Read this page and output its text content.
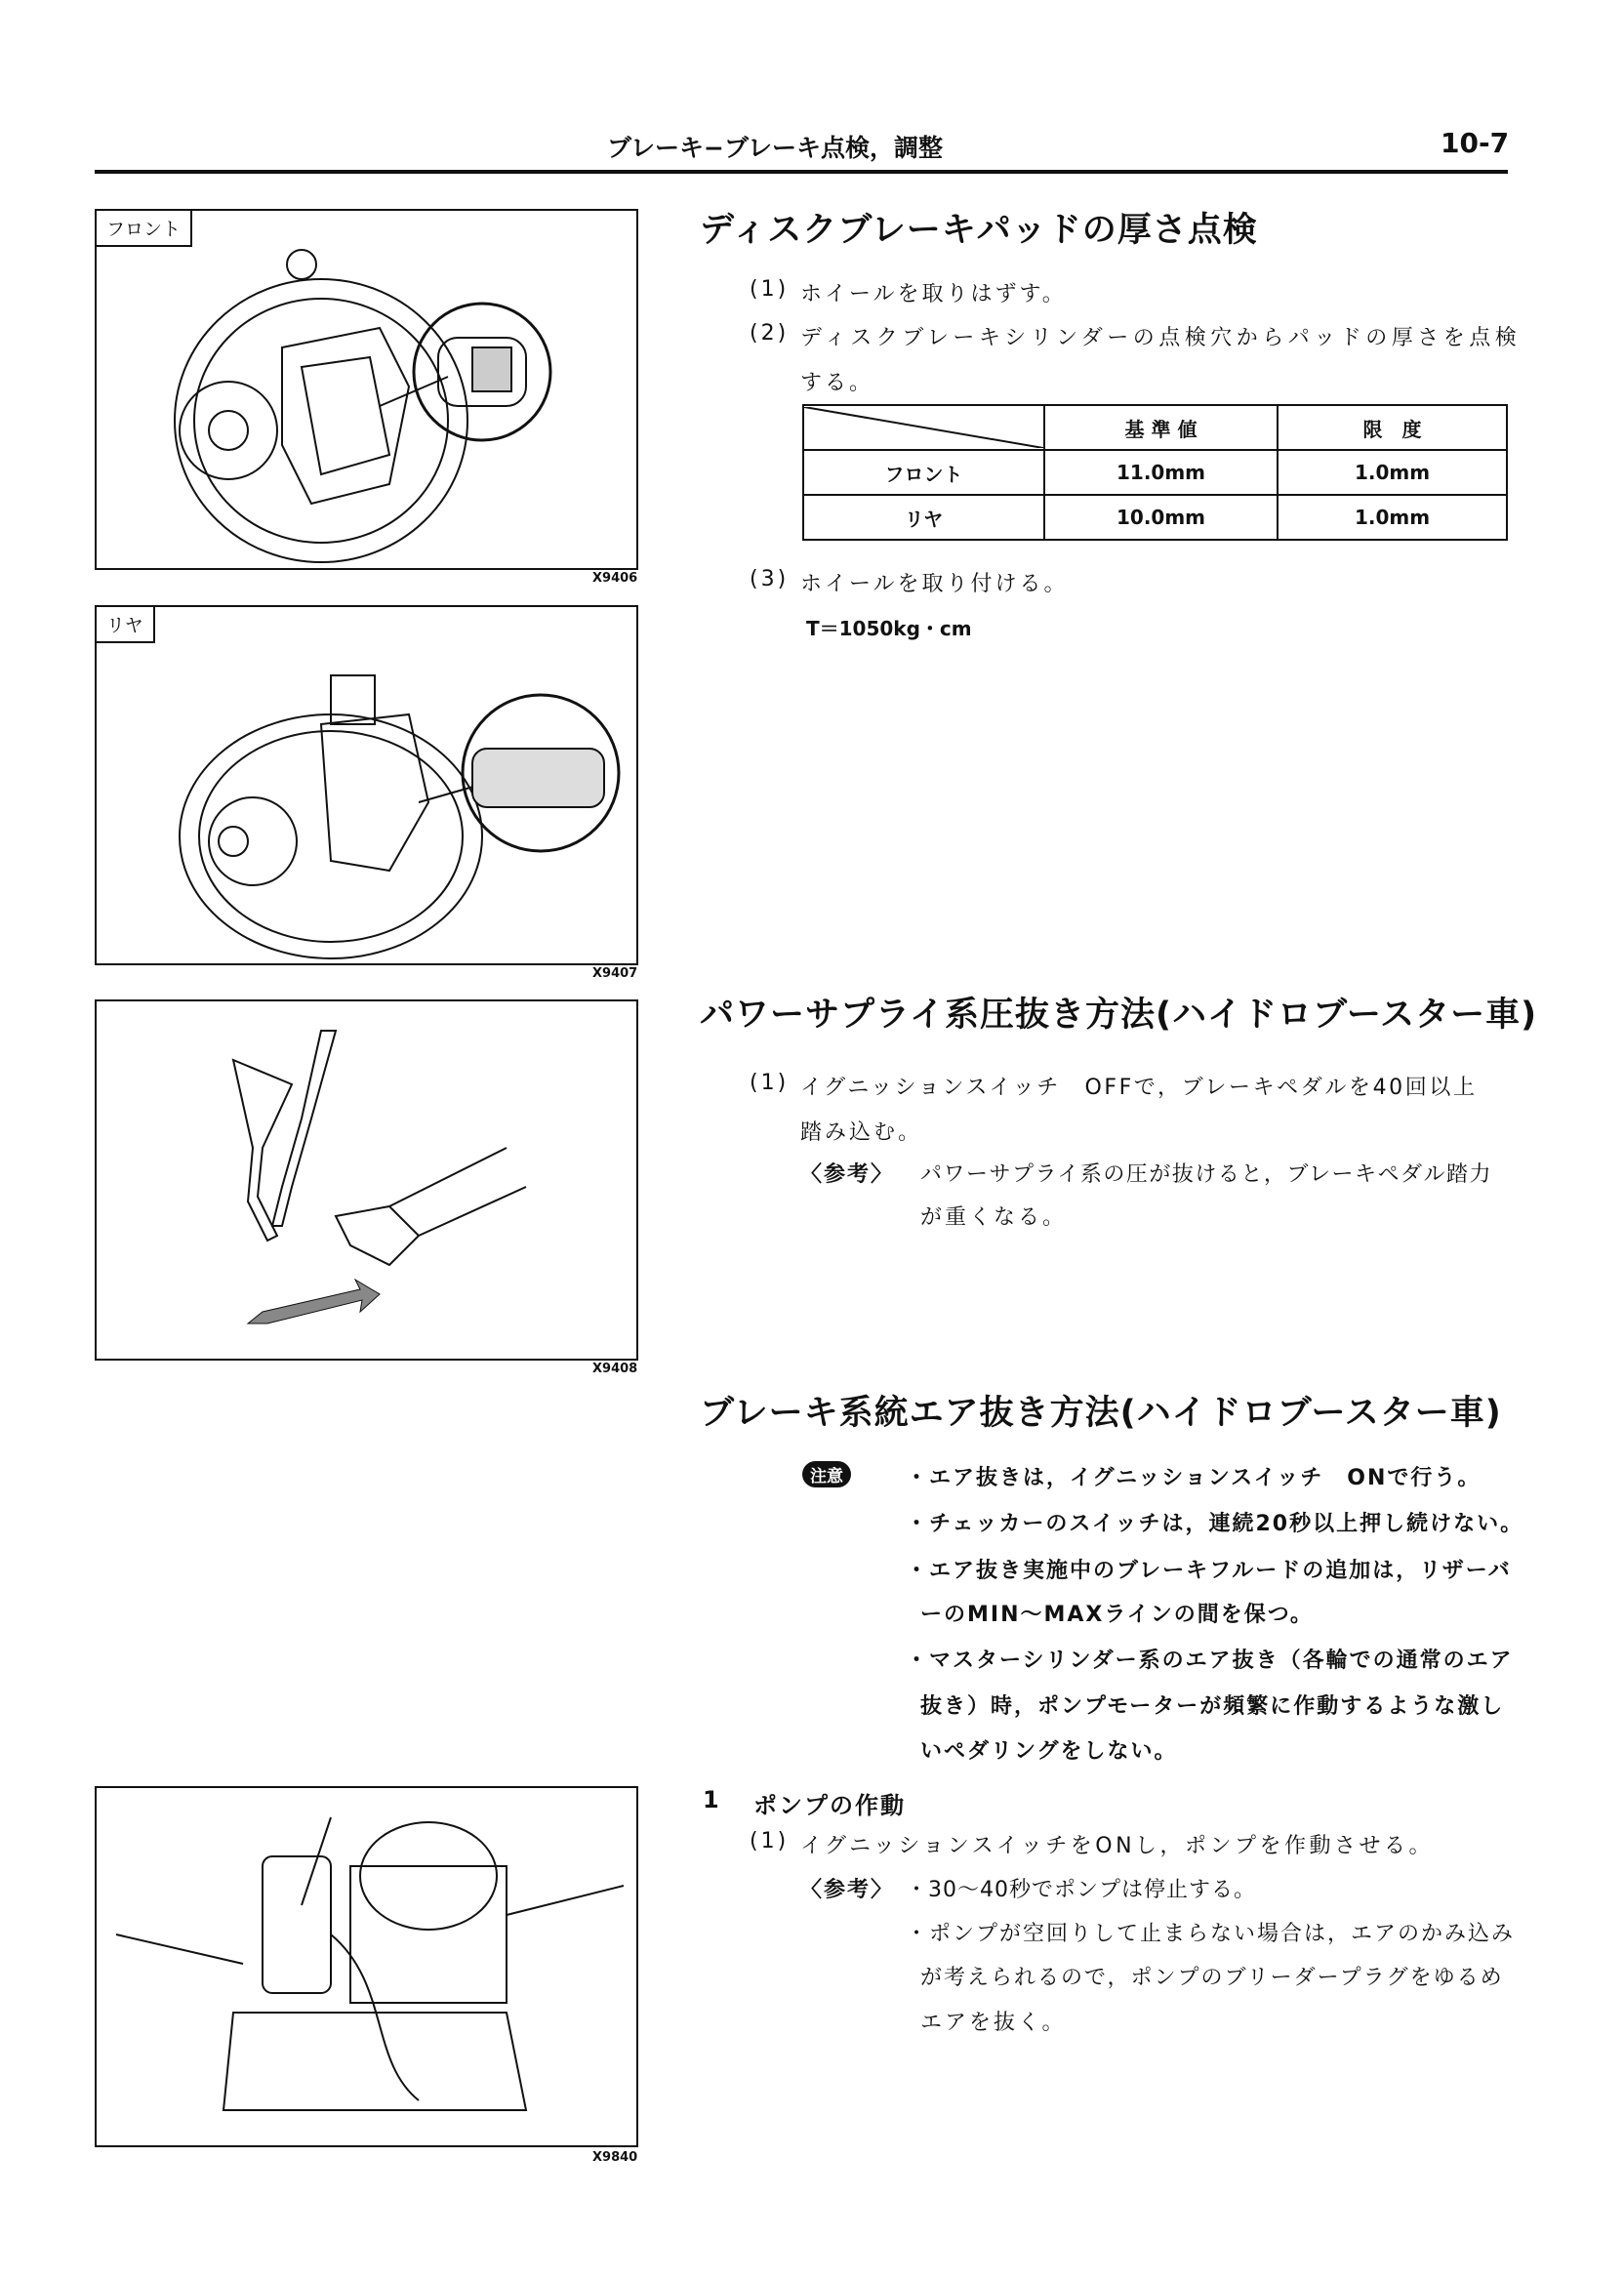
ブレーキ−ブレーキ点検，調整	10-7
フロント
X9406
リヤ
X9407
X9408
X9840
ディスクブレーキパッドの厚さ点検
(1) ホイールを取りはずす。
(2) ディスクブレーキシリンダーの点検穴からパッドの厚さを点検
する。
	基 準 値	限　度
フロント	11.0mm	1.0mm
リヤ	10.0mm	1.0mm
(3) ホイールを取り付ける。
T＝1050kg・cm
パワーサプライ系圧抜き方法(ハイドロブースター車)
(1) イグニッションスイッチ　OFFで，ブレーキペダルを40回以上
踏み込む。
〈参考〉 パワーサプライ系の圧が抜けると，ブレーキペダル踏力
が重くなる。
ブレーキ系統エア抜き方法(ハイドロブースター車)
注意	・エア抜きは，イグニッションスイッチ　ONで行う。
・チェッカーのスイッチは，連続20秒以上押し続けない。
・エア抜き実施中のブレーキフルードの追加は，リザーバ
ーのMIN〜MAXラインの間を保つ。
・マスターシリンダー系のエア抜き（各輪での通常のエア
抜き）時，ポンプモーターが頻繁に作動するような激し
いペダリングをしない。
1 ポンプの作動
(1) イグニッションスイッチをONし，ポンプを作動させる。
〈参考〉 ・30〜40秒でポンプは停止する。
・ポンプが空回りして止まらない場合は，エアのかみ込み
が考えられるので，ポンプのブリーダープラグをゆるめ
エアを抜く。
